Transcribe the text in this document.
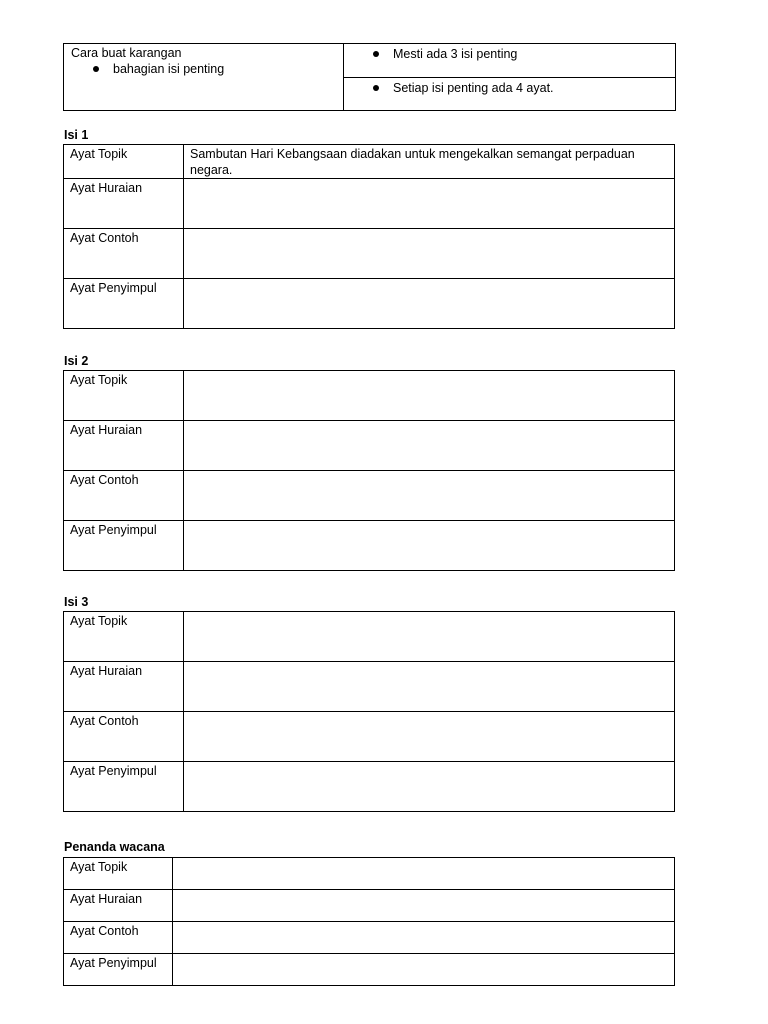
Cara buat karangan
bahagian isi penting

Mesti ada 3 isi penting

Setiap isi penting ada 4 ayat.
Isi 1
Ayat Topik	Sambutan Hari Kebangsaan diadakan untuk mengekalkan semangat perpaduan negara.

Ayat Huraian	

Ayat Contoh	

Ayat Penyimpul	

Isi 2
Ayat Topik	

Ayat Huraian	

Ayat Contoh	

Ayat Penyimpul	

Isi 3
Ayat Topik	

Ayat Huraian	

Ayat Contoh	

Ayat Penyimpul	

Penanda wacana
Ayat Topik	

Ayat Huraian	

Ayat Contoh	

Ayat Penyimpul	
